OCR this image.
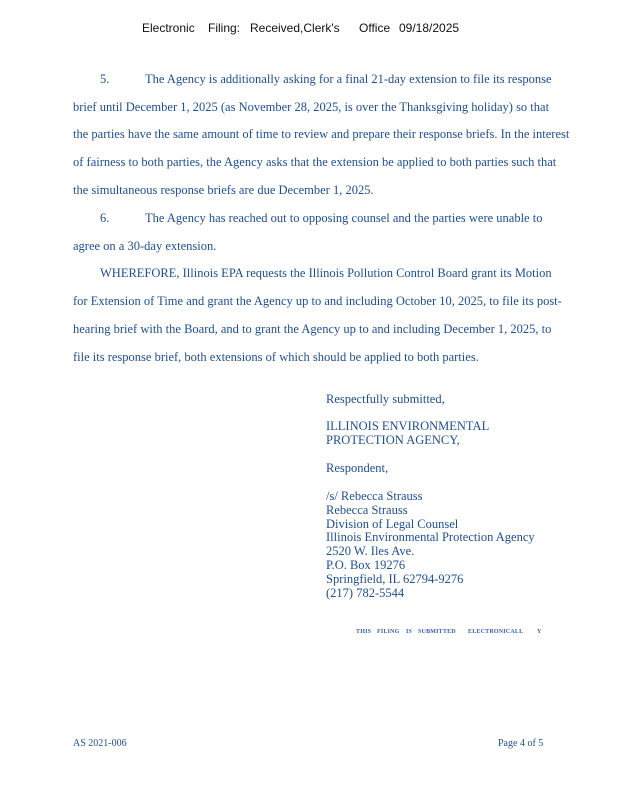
Electronic Filing: Received,Clerk's Office 09/18/2025
5.	The Agency is additionally asking for a final 21-day extension to file its response
brief until December 1, 2025 (as November 28, 2025, is over the Thanksgiving holiday) so that
the parties have the same amount of time to review and prepare their response briefs. In the interest
of fairness to both parties, the Agency asks that the extension be applied to both parties such that
the simultaneous response briefs are due December 1, 2025.
6.	The Agency has reached out to opposing counsel and the parties were unable to
agree on a 30-day extension.
WHEREFORE, Illinois EPA requests the Illinois Pollution Control Board grant its Motion
for Extension of Time and grant the Agency up to and including October 10, 2025, to file its post-
hearing brief with the Board, and to grant the Agency up to and including December 1, 2025, to
file its response brief, both extensions of which should be applied to both parties.
Respectfully submitted,
ILLINOIS ENVIRONMENTAL
PROTECTION AGENCY,
Respondent,
/s/ Rebecca Strauss
Rebecca Strauss
Division of Legal Counsel
Illinois Environmental Protection Agency
2520 W. Iles Ave.
P.O. Box 19276
Springfield, IL 62794-9276
(217) 782-5544
THIS FILING IS SUBMITTED ELECTRONICALL Y
AS 2021-006	Page 4 of 5
